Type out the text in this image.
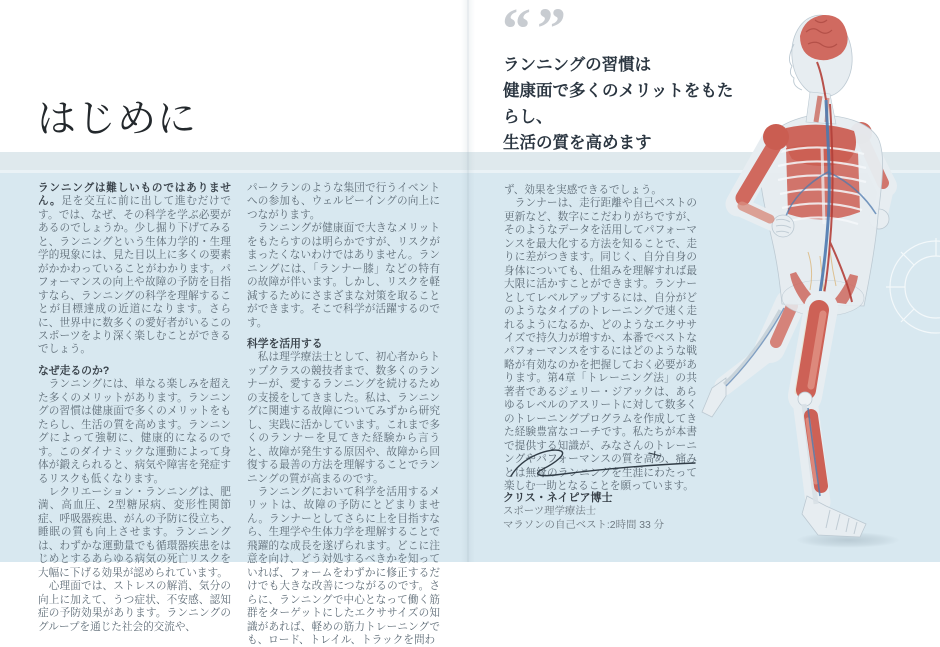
はじめに

ランニングは難しいものではありません。足を交互に前に出して進むだけです。では、なぜ、その科学を学ぶ必要があるのでしょうか。少し掘り下げてみると、ランニングという生体力学的・生理学的現象には、見た目以上に多くの要素がかかわっていることがわかります。パフォーマンスの向上や故障の予防を目指すなら、ランニングの科学を理解することが目標達成の近道になります。さらに、世界中に数多くの愛好者がいるこのスポーツをより深く楽しむことができるでしょう。

なぜ走るのか?

　ランニングには、単なる楽しみを超えた多くのメリットがあります。ランニングの習慣は健康面で多くのメリットをもたらし、生活の質を高めます。ランニングによって強靭に、健康的になるのです。このダイナミックな運動によって身体が鍛えられると、病気や障害を発症するリスクも低くなります。

　レクリエーション・ランニングは、肥満、高血圧、2型糖尿病、変形性関節症、呼吸器疾患、がんの予防に役立ち、睡眠の質も向上させます。ランニングは、わずかな運動量でも循環器疾患をはじめとするあらゆる病気の死亡リスクを大幅に下げる効果が認められています。

　心理面では、ストレスの解消、気分の向上に加えて、うつ症状、不安感、認知症の予防効果があります。ランニングのグループを通じた社会的交流や、

パークランのような集団で行うイベントへの参加も、ウェルビーイングの向上につながります。

　ランニングが健康面で大きなメリットをもたらすのは明らかですが、リスクがまったくないわけではありません。ランニングには、「ランナー膝」などの特有の故障が伴います。しかし、リスクを軽減するためにさまざまな対策を取ることができます。そこで科学が活躍するのです。

科学を活用する

　私は理学療法士として、初心者からトップクラスの競技者まで、数多くのランナーが、愛するランニングを続けるための支援をしてきました。私は、ランニングに関連する故障についてみずから研究し、実践に活かしています。これまで多くのランナーを見てきた経験から言うと、故障が発生する原因や、故障から回復する最善の方法を理解することでランニングの質が高まるのです。

　ランニングにおいて科学を活用するメリットは、故障の予防にとどまりません。ランナーとしてさらに上を目指すなら、生理学や生体力学を理解することで飛躍的な成長を遂げられます。どこに注意を向け、どう対処するべきかを知っていれば、フォームをわずかに修正するだけでも大きな改善につながるのです。さらに、ランニングで中心となって働く筋群をターゲットにしたエクササイズの知識があれば、軽めの筋力トレーニングでも、ロード、トレイル、トラックを問わ

“ ”
ランニングの習慣は
健康面で多くのメリットをもたらし、
生活の質を高めます

ず、効果を実感できるでしょう。

　ランナーは、走行距離や自己ベストの更新など、数字にこだわりがちですが、そのようなデータを活用してパフォーマンスを最大化する方法を知ることで、走りに差がつきます。同じく、自分自身の身体についても、仕組みを理解すれば最大限に活かすことができます。ランナーとしてレベルアップするには、自分がどのようなタイプのトレーニングで速く走れるようになるか、どのようなエクササイズで持久力が増すか、本番でベストなパフォーマンスをするにはどのような戦略が有効なのかを把握しておく必要があります。第4章「トレーニング法」の共著者であるジェリー・ジアックは、あらゆるレベルのアスリートに対して数多くのトレーニングプログラムを作成してきた経験豊富なコーチです。私たちが本書で提供する知識が、みなさんのトレーニングやパフォーマンスの質を高め、痛みとは無縁のランニングを生涯にわたって楽しむ一助となることを願っています。

クリス・ネイピア博士
スポーツ理学療法士
マラソンの自己ベスト:2時間 33 分
